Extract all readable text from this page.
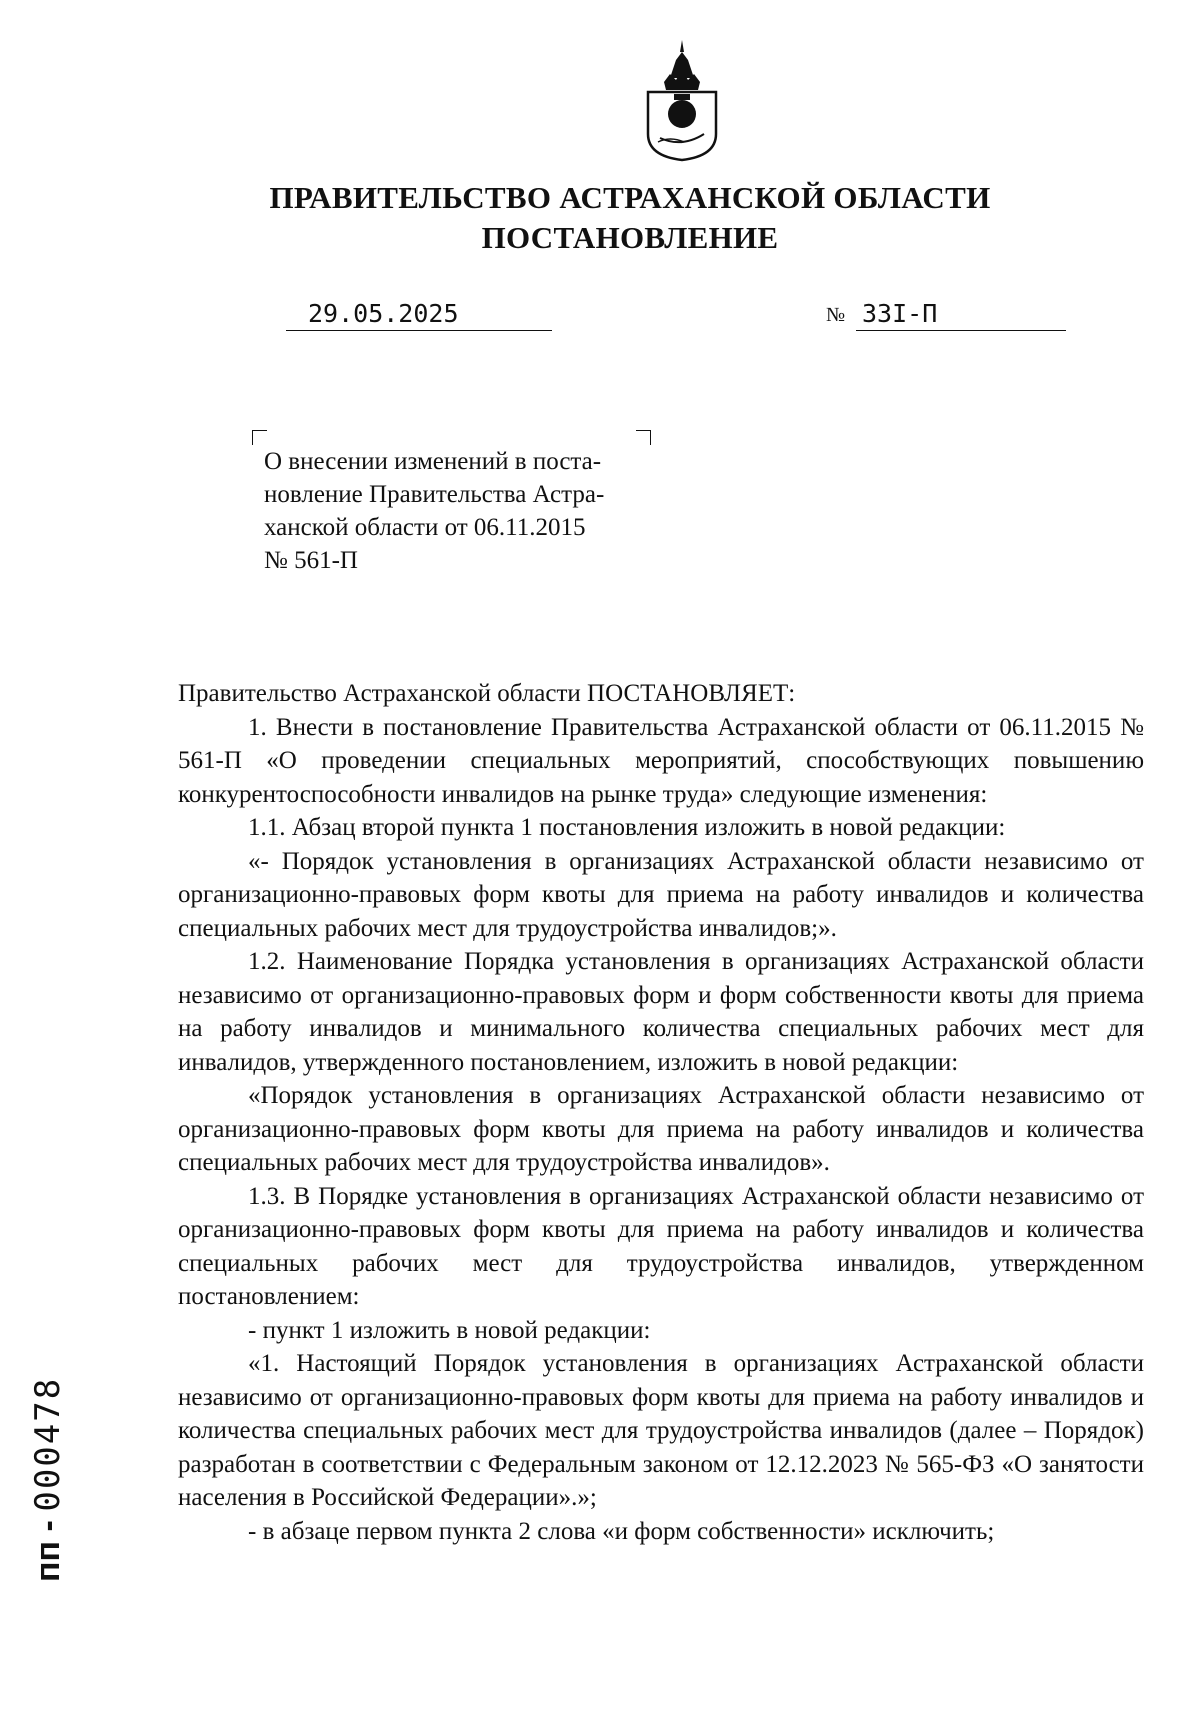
ПРАВИТЕЛЬСТВО АСТРАХАНСКОЙ ОБЛАСТИ
ПОСТАНОВЛЕНИЕ
29.05.2025	№ 33I-П
О внесении изменений в поста-
новление Правительства Астра-
ханской области от 06.11.2015
№ 561-П

Правительство Астраханской области ПОСТАНОВЛЯЕТ:

1. Внести в постановление Правительства Астраханской области от 06.11.2015 № 561-П «О проведении специальных мероприятий, способствующих повышению конкурентоспособности инвалидов на рынке труда» следующие изменения:

1.1. Абзац второй пункта 1 постановления изложить в новой редакции:

«- Порядок установления в организациях Астраханской области независимо от организационно-правовых форм квоты для приема на работу инвалидов и количества специальных рабочих мест для трудоустройства инвалидов;».

1.2. Наименование Порядка установления в организациях Астраханской области независимо от организационно-правовых форм и форм собственности квоты для приема на работу инвалидов и минимального количества специальных рабочих мест для инвалидов, утвержденного постановлением, изложить в новой редакции:

«Порядок установления в организациях Астраханской области независимо от организационно-правовых форм квоты для приема на работу инвалидов и количества специальных рабочих мест для трудоустройства инвалидов».

1.3. В Порядке установления в организациях Астраханской области независимо от организационно-правовых форм квоты для приема на работу инвалидов и количества специальных рабочих мест для трудоустройства инвалидов, утвержденном постановлением:

- пункт 1 изложить в новой редакции:

«1. Настоящий Порядок установления в организациях Астраханской области независимо от организационно-правовых форм квоты для приема на работу инвалидов и количества специальных рабочих мест для трудоустройства инвалидов (далее – Порядок) разработан в соответствии с Федеральным законом от 12.12.2023 № 565-ФЗ «О занятости населения в Российской Федерации».»;

- в абзаце первом пункта 2 слова «и форм собственности» исключить;

пп - 000478
